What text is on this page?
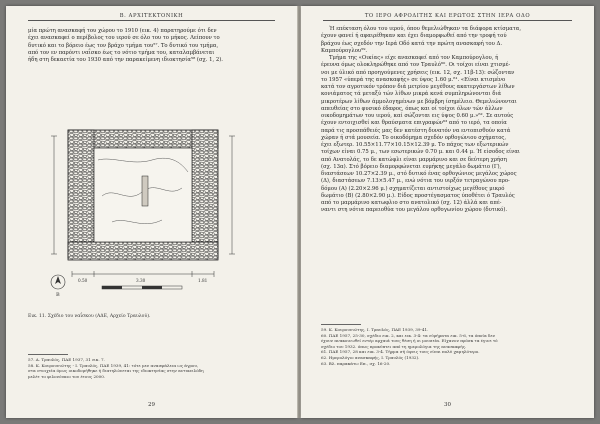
Β. ΑΡΧΙΤΕΚΤΟΝΙΚΗ

μία πρώτη ανασκαφή του χώρου το 1910 (εικ. 4) παρατηρούμε ότι δεν

έχει ανασκαφεί ο περίβολος του ιερού σε όλο του το μήκος. Λείπουν το

δυτικό και το βόρειο έως τον βράχο τμήμα του⁵⁷. Το δυτικό του τμήμα,

από τον εν παρόντι ναΐσκο έως το νότιο τμήμα του, καταλαμβάνεται

ήδη στη δεκαετία του 1930 από την παρακείμενη ιδιοκτησία⁵⁸ (σχ. 1, 2).

Β
0.50	3.30	1.81
Εικ. 11. Σχέδιο του ναΐσκου (ΑΔΕ, Αρχείο Τραυλού).
57. Α. Τραυλός, ΠΑΕ 1937, 31 εικ. 7.
58. Κ. Κουρουνιώτης - Ι. Τραυλός, ΠΑΕ 1939, 41: τότε μεν ανασφάλεια ως άγρου,
στα στοιχεία όμως οικοδομήθηκε ή διατηλώνεται της ιδιοκτησίας στην αντικειλόδη
μελέτ το φιλονόυκιο του έτους 2000.
29
ΤΟ ΙΕΡΟ ΑΦΡΟΔΙΤΗΣ ΚΑΙ ΕΡΩΤΟΣ ΣΤΗΝ ΙΕΡΑ ΟΔΟ

Ή επέκταση όλου του ιερού, όπου θεμελιώθηκαν τα διάφορα κτίσματα,

έχουν φανεί ή αφαιρέθηκαν και έχει διαμορφωθεί από την τροφή τού

βράχου έως σχεδόν την Ιερά Οδό κατά την πρώτη ανασκαφή του Δ.

Καμπούρογλου⁵⁹.

Τμήμα της «Οικίας» είχε ανασκαφεί από τον Καμπούρογλου, ή

έρευνα όμως ολοκληρώθηκε από τον Τραυλό⁶⁰. Οι τοίχοι είναι χτισμέ-

νοι με ύλικό από προηγούμενες χρήσεις (εικ. 12, σχ. 11β-13): σώζονταν

το 1957 «ύπερά της ανασκαφής» σε ύψος 1.60 μ.⁶¹. «Είναι κτισμένο

κατά τον αγροτικόν τρόπον διά μετρίου μεγέθους ακατεργάστων λίθων

κονιάματος τά μεταξύ τών λίθων μικρά κενά συμπληρώνονται διά

μικροτέρων λίθων άμμολογημένων με βόμβρη ίσημέλειο. Θεμελιώνονται

απευθείας στο φυσικό έδαφος, όπως και οί τοίχοι όλων τών άλλων

οικοδομημάτων του ιερού, καί σώζονται εις ύψος 0.60 μ.»⁶². Σε αυτούς

έχουν εντοιχισθεί και θραύσματα επιγραφών⁶³ από το ιερό, τα οποία

παρά τις προσπάθειές μας δεν κατέστη δυνατόν να εντοπισθούν κατά

χώραν ή στά μουσεία. Το οικοδόμημα σχεδόν ορθογώνιου σχήματος,

έχει εξωτερ. 10.55×11.77×10.15×12.39 μ. Το πάχος των εξωτερικών

τοίχων είναι 0.75 μ., των εσωτερικών 0.70 μ. και 0.44 μ. Ή είσοδος είναι

από Ανατολάς, το δε κατώφλι είναι μαρμάρινο και σε δεύτερη χρήση

(σχ. 13α). Στό βόρειο διαμορφώνεται ευμήκης μεγάλο δωμάτιο (Γ),

διαστάσεων 10.27×2.39 μ., στό δυτικό ένας ορθογώνιος μεγάλος χώρος

(Δ), διαστάσεων 7.13×5.47 μ., ενώ νότια του υιρξόν τετραγώνου προ-

δόμου (Α) (2.20×2.96 μ.) σχηματίζεται αντιστοίχως μεγέθους μικρό

δωμάτιο (Β) (2.80×2.90 μ.). Είδος προστέγασματος ύποθέτει ό Τραυλός

από το μαρμάρινο κατωφλιο στο ανατολικό (σχ. 12) άλλά και απέ-

ναντι στη νότια παρειοθύα του μεγάλου ορθογωνίου χώρου (δυτικό).

59. Κ. Κουρουνιώτης, Ι. Τραυλός, ΠΑΕ 1939, 39-41.
60. ΠΑΕ 1957, 25-30, σχέδιο εικ. 2, και εικ. 3-4: τα εύρήματα εικ. 5-6, τα όποία δεν
έχουν ανακοινωθεί εντέρ αρχαιά τους θέση ή οι μουσεία. Είχανον πρόσκ τα έγινε τό
σχέδιο του 1932. όπως προκύπτει από τη ημερολόγια της ανασκαφής.
61. ΠΑΕ 1957, 28 και εικ. 3-4. Τήρμα σή όψεις τους είναι πολύ χαμηλότερο.
62. Ημερολόγιο ανασκαφής, Ι. Τραυλός (1932).
63. Βλ. παρακάτω Επ., σχ. 16-20.
30
